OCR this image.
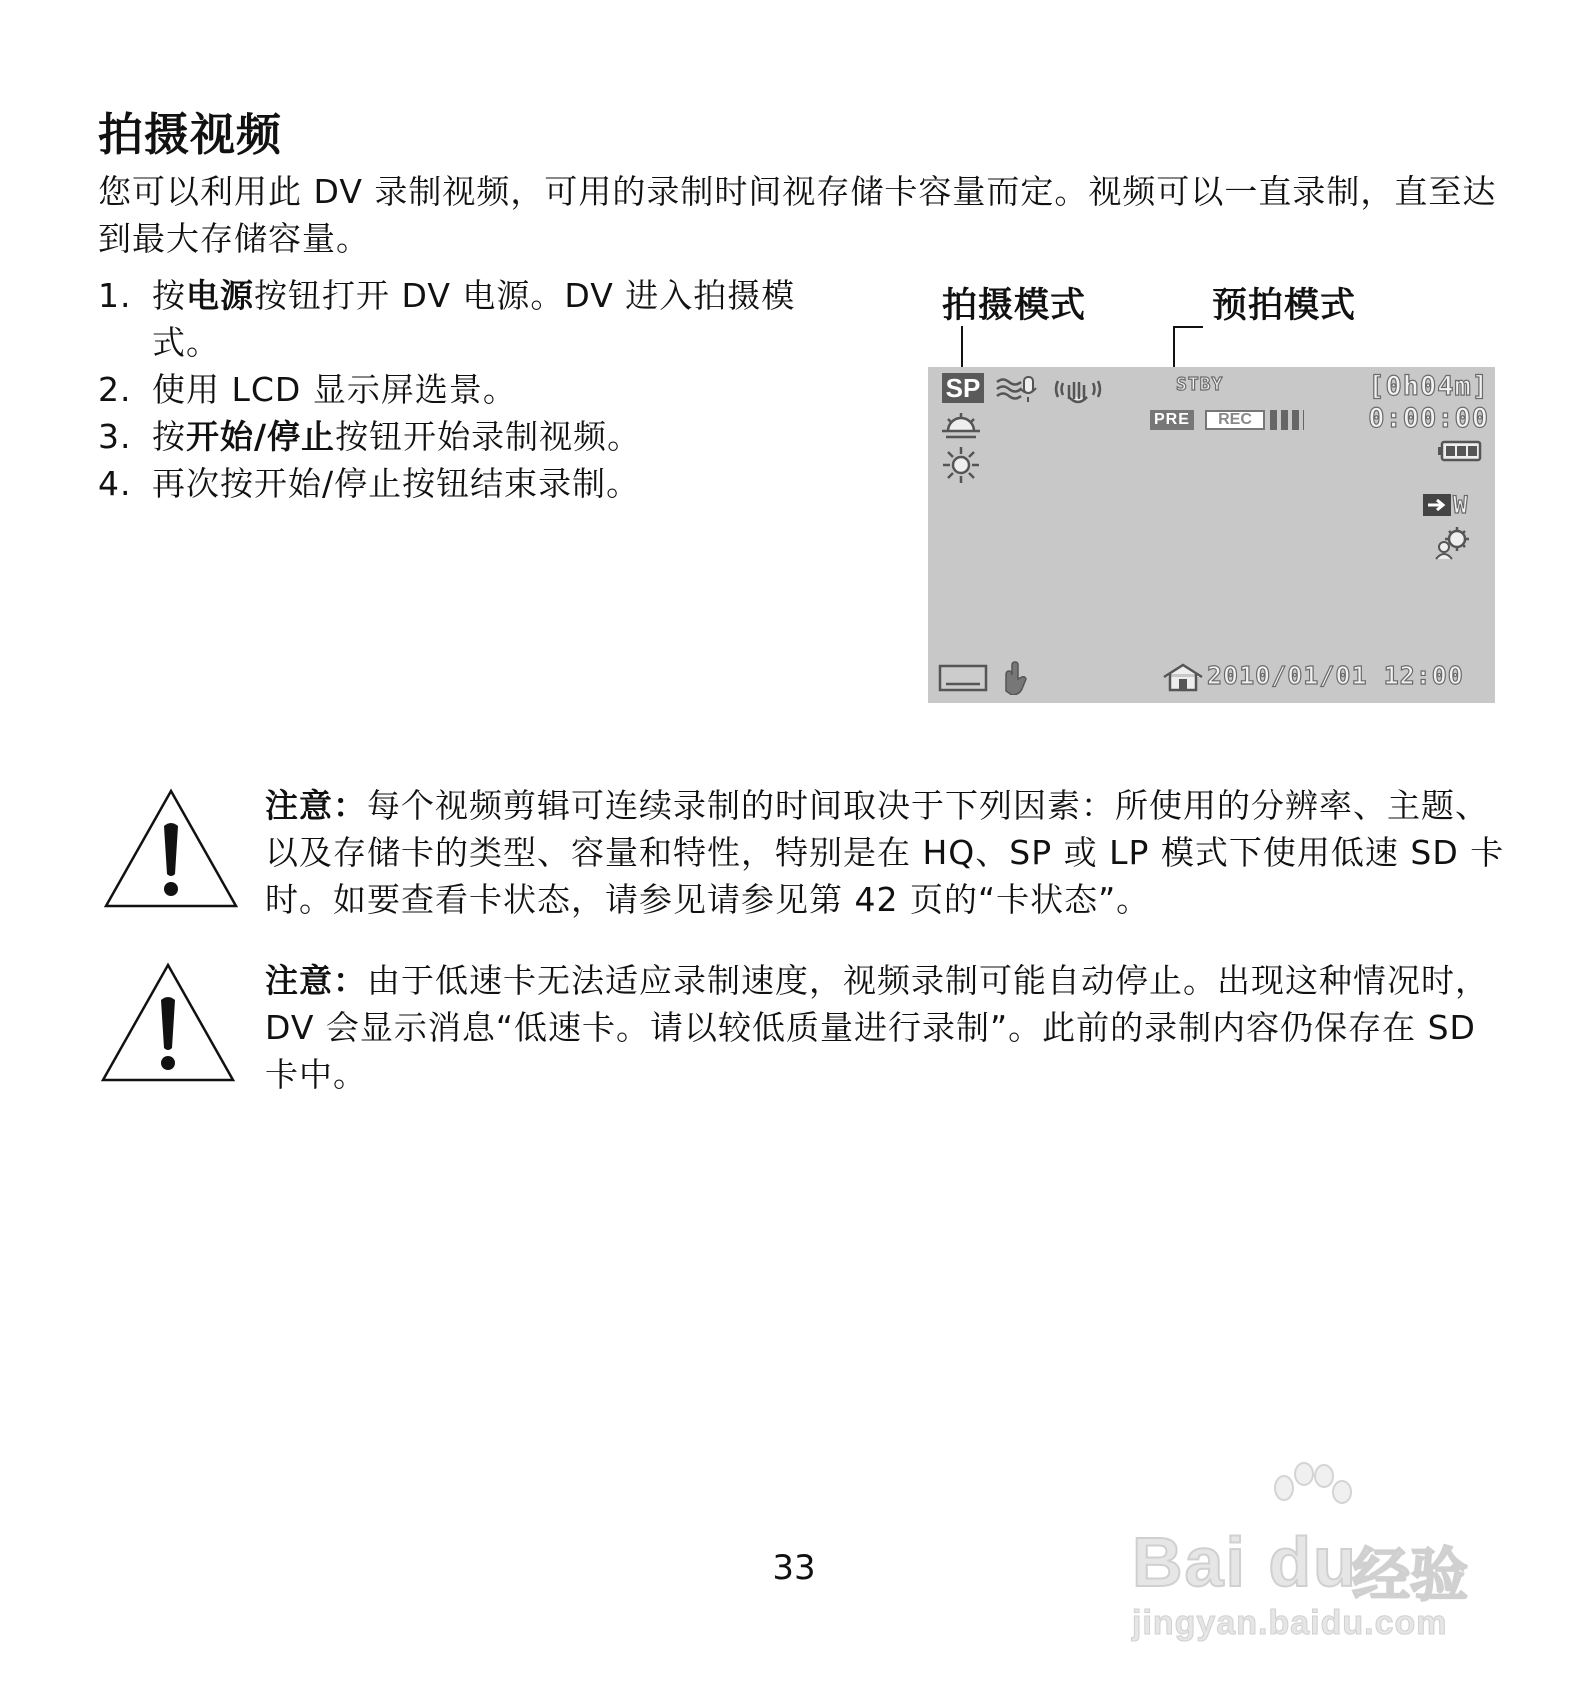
拍摄视频
您可以利用此 DV 录制视频，可用的录制时间视存储卡容量而定。视频可以一直录制，直至达到最大存储容量。
1. 按电源按钮打开 DV 电源。DV 进入拍摄模式。
2. 使用 LCD 显示屏选景。
3. 按开始/停止按钮开始录制视频。
4. 再次按开始/停止按钮结束录制。
拍摄模式	预拍模式
SP	STBY
PRE	REC
[0h04m]
0:00:00
W
2010/01/01 12:00
注意：每个视频剪辑可连续录制的时间取决于下列因素：所使用的分辨率、主题、以及存储卡的类型、容量和特性，特别是在 HQ、SP 或 LP 模式下使用低速 SD 卡时。如要查看卡状态，请参见请参见第 42 页的“卡状态”。
注意：由于低速卡无法适应录制速度，视频录制可能自动停止。出现这种情况时，DV 会显示消息“低速卡。请以较低质量进行录制”。此前的录制内容仍保存在 SD 卡中。
33	Bai du
经验
jingyan.baidu.com
